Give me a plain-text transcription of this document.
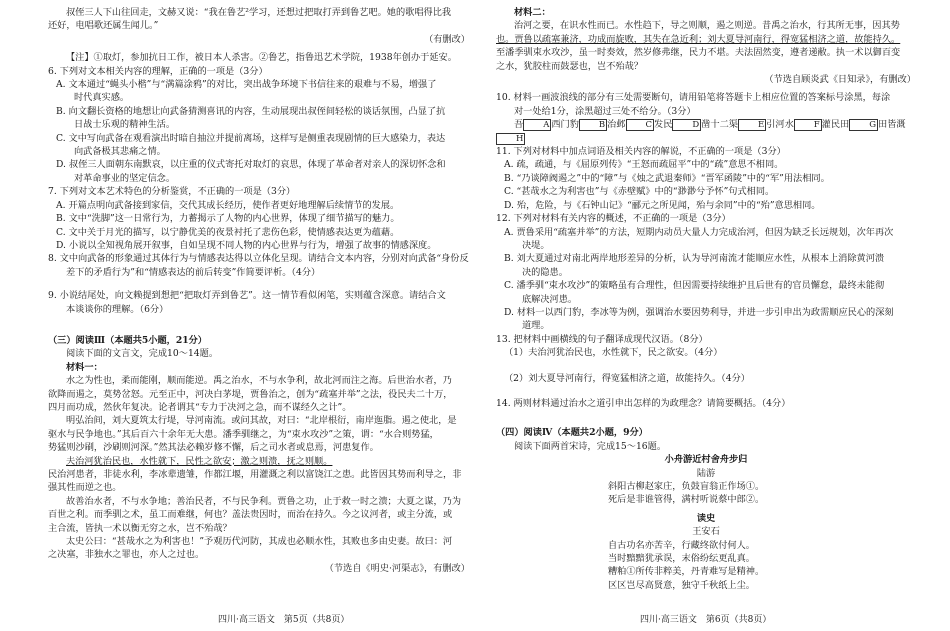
叔侄三人下山往回走，文赫又说：“我在鲁艺²学习，还想过把取打弄到鲁艺吧。她的歌唱得比我

还好，电唱歌还属生闻儿。”

（有删改）

【注】①取灯，参加抗日工作，被日本人杀害。②鲁艺，指鲁迅艺术学院，1938年创办于延安。

6. 下列对文本相关内容的理解，正确的一项是（3分）

A. 文本通过“蝇头小楷”与“满篇涂鸦”的对比，突出战争环境下书信往来的艰难与不易，增强了

时代真实感。

B. 向文翻长资格的地想让向武备猜测喜讯的内容，生动展现出叔侄间轻松的谈话氛围，凸显了抗

日战士乐观的精神生活。

C. 文中写向武备在观看演出时暗自抽泣并提前离场，这样写是侧重表现剧情的巨大感染力，表达

向武备极其悲痛之情。

D. 叔侄三人面朝东南默哀，以庄重的仪式寄托对取灯的哀思，体现了革命者对亲人的深切怀念和

对革命事业的坚定信念。

7. 下列对文本艺术特色的分析鉴赏，不正确的一项是（3分）

A. 开篇点明向武备接到家信，交代其成长经历，使作者更好地理解后续情节的发展。

B. 文中“洗脚”这一日常行为，力蓄揭示了人物的内心世界，体现了细节描写的魅力。

C. 文中关于月光的描写，以宁静优美的夜景衬托了悲伤色彩，使情感表达更为蕴藉。

D. 小说以全知视角展开叙事，自如呈现不同人物的内心世界与行为，增强了故事的情感深度。

8. 文中向武备的形象通过其体行为与情感表达得以立体化呈现。请结合文本内容，分别对向武备“身份反

差下的矛盾行为”和“情感表达的前后转变”作简要评析。（4分）

9. 小说结尾处，向文赖提到想把“把取灯弄到鲁艺”。这一情节看似闲笔，实则蕴含深意。请结合文

本谈谈你的理解。（6分）

（三）阅读Ⅲ（本题共5小题，21分）

阅读下面的文言文，完成10～14题。

材料一：

水之为性也，柔而能刚，顺而能逆。禹之治水，不与水争利，故北河而注之海。后世治水者，乃

欲降而遏之，莫势岔怒。元至正中，河决白茅堤，贾鲁治之，创为“疏塞并举”之法，役民夫二十万，

四月而功成，然伙年复决。论者谓其“专力于决河之急，而不谋经久之计”。

明弘治间，刘大夏筑太行堤，导河南流。或问其故，对曰：“北岸根衍，南岸迤脂。遏之使北，是

驱水与民争地也。”其后百六十余年无大患。潘季驯继之，为“束水攻沙”之策，谓：“水合则势猛，

势猛则沙刷，沙刷则河深。”然其法必赖岁修不懈，后之司水者或息焉，河患复作。

夫治河犹治民也，水性就下，民性之欲安；激之则溃，抚之则顺。

民治河患者，非徒水利，李冰辈遗雏，作都江堰，用灌溉之利以富饶江之患。此皆因其势而利导之，非

强其性而逆之也。

故善治水者，不与水争地；善治民者，不与民争利。贾鲁之功，止于救一时之溃；大夏之谋，乃为

百世之利。而季驯之术，虽工而难继，何也？盖法贵因时，而治在持久。今之议河者，或主分流，或

主合流，皆执一术以衡无穷之水，岂不殆哉？

太史公曰：“甚哉水之为利害也！”予观历代河防，其成也必顺水性，其败也多由史妻。故曰：河

之决塞，非独水之罪也，亦人之过也。

（节选自《明史·河渠志》，有删改）

材料二：

治河之要，在识水性而已。水性趋下，导之则顺，遏之则逆。昔禹之治水，行其所无事，因其势

也。贾鲁以疏塞兼济，功成而旋败，其失在急近利；刘大夏导河南行，得宽猛相济之道，故能持久。

至潘季驯束水攻沙，虽一时奏效，然岁修弗继，民力不堪。夫法固然变，遵者递敝。执一术以御百变

之水，犹胶柱而鼓瑟也，岂不殆哉？

（节选自顾炎武《日知录》，有删改）

10. 材料一画波浪线的部分有三处需要断句，请用铅笔将答题卡上相应位置的答案标号涂黑，每涂

对一处给1分，涂黑超过三处不给分。（3分）

吾 A 西门豹 B 治邺 C 发民 D 凿十二渠 E 引河水 F 灌民田 G 田皆溉H

11. 下列对材料中加点词语及相关内容的解说，不正确的一项是（3分）

A. 疏，疏通，与《屈原列传》“王怒而疏屈平”中的“疏”意思不相同。

B. “乃谈障阀遏之”中的“障”与《烛之武退秦师》“晋军函陵”中的“军”用法相同。

C. “甚哉水之为利害也”与《赤壁赋》中的“渺渺兮予怀”句式相同。

D. 殆，危险，与《石钟山记》“郦元之所见闻，殆与余同”中的“殆”意思相同。

12. 下列对材料有关内容的概述，不正确的一项是（3分）

A. 贾鲁采用“疏塞并举”的方法，短期内动员大量人力完成治河，但因为缺乏长远规划，次年再次

决堤。

B. 刘大夏通过对南北两岸地形差异的分析，认为导河南流才能顺应水性，从根本上消除黄河溃

决的隐患。

C. 潘季驯“束水攻沙”的策略虽有合理性，但因需要持续维护且后世有的官员懈怠，最终未能彻

底解决河患。

D. 材料一以西门豹，李冰等为例，强调治水要因势利导，并进一步引申出为政需顺应民心的深刻

道理。

13. 把材料中画横线的句子翻译成现代汉语。（8分）

（1）夫治河犹治民也，水性就下，民之欲安。（4分）

（2）刘大夏导河南行，得宽猛相济之道，故能持久。（4分）

14. 两则材料通过治水之道引申出怎样的为政理念？请简要概括。（4分）

（四）阅读Ⅳ（本题共2小题，9分）

阅读下面两首宋诗，完成15～16题。

小舟游近村舍舟步归

陆游

斜阳古柳赵家庄，负鼓盲翁正作场①。

死后是非谁管得，满村听说蔡中郎②。

读史

王安石

自古功名亦苦辛，行藏终欲付何人。

当时黯黯犹承误，末俗纷纭更乱真。

糟粕①所传非粹美，丹青难写是精神。

区区岂尽高贤意，独守千秋纸上尘。

四川·高三语文　第5页（共8页）	四川·高三语文　第6页（共8页）
